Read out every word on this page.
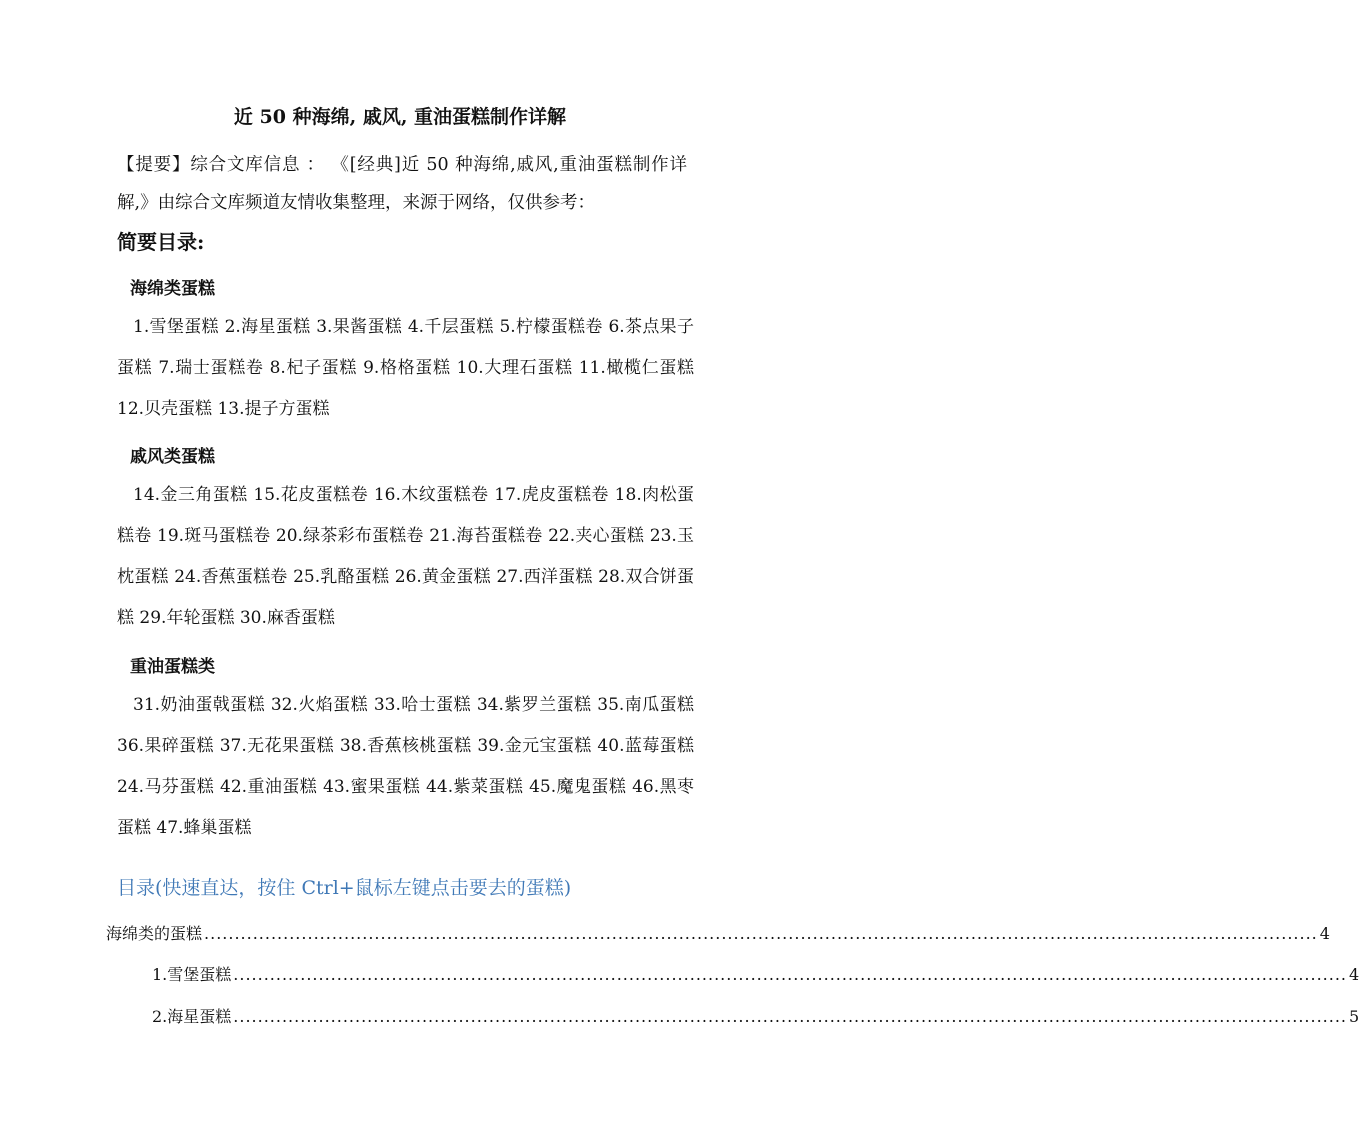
近 50 种海绵, 戚风, 重油蛋糕制作详解
【提要】综合文库信息 ： 《[经典]近 50 种海绵,戚风,重油蛋糕制作详解,》由综合文库频道友情收集整理，来源于网络，仅供参考：
简要目录:
海绵类蛋糕
1.雪堡蛋糕 2.海星蛋糕 3.果酱蛋糕 4.千层蛋糕 5.柠檬蛋糕卷 6.茶点果子蛋糕 7.瑞士蛋糕卷 8.杞子蛋糕 9.格格蛋糕 10.大理石蛋糕 11.橄榄仁蛋糕 12.贝壳蛋糕 13.提子方蛋糕
戚风类蛋糕
14.金三角蛋糕 15.花皮蛋糕卷 16.木纹蛋糕卷 17.虎皮蛋糕卷 18.肉松蛋糕卷 19.斑马蛋糕卷 20.绿茶彩布蛋糕卷 21.海苔蛋糕卷 22.夹心蛋糕 23.玉枕蛋糕 24.香蕉蛋糕卷 25.乳酪蛋糕 26.黄金蛋糕 27.西洋蛋糕 28.双合饼蛋糕 29.年轮蛋糕 30.麻香蛋糕
重油蛋糕类
31.奶油蛋戟蛋糕 32.火焰蛋糕 33.哈士蛋糕 34.紫罗兰蛋糕 35.南瓜蛋糕 36.果碎蛋糕 37.无花果蛋糕 38.香蕉核桃蛋糕 39.金元宝蛋糕 40.蓝莓蛋糕 24.马芬蛋糕 42.重油蛋糕 43.蜜果蛋糕 44.紫菜蛋糕 45.魔鬼蛋糕 46.黑枣蛋糕 47.蜂巢蛋糕
目录(快速直达，按住 Ctrl+鼠标左键点击要去的蛋糕)
海绵类的蛋糕 ....................................................................................................................................................................................... 4
1.雪堡蛋糕 ....................................................................................................................................................................................... 4
2.海星蛋糕 ....................................................................................................................................................................................... 5
